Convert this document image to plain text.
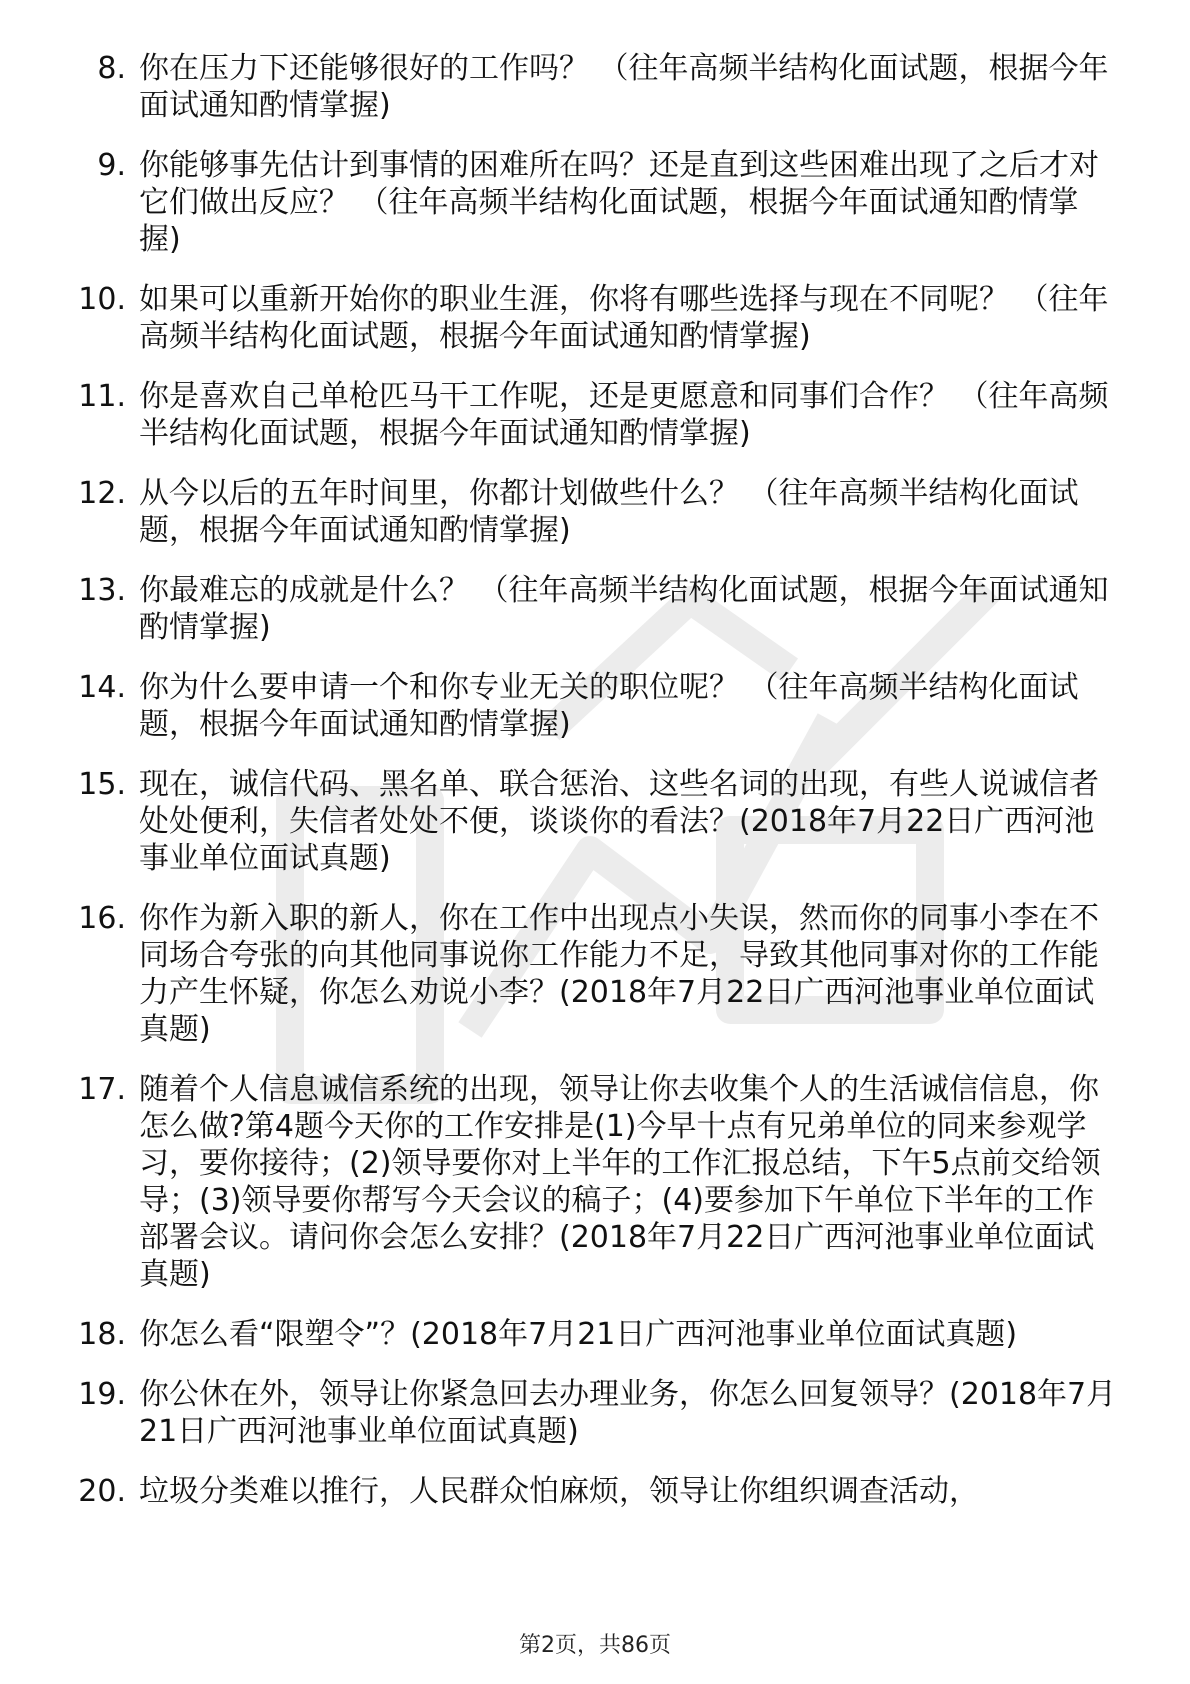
8. 你在压力下还能够很好的工作吗？ （往年高频半结构化面试题，根据今年面试通知酌情掌握)
9. 你能够事先估计到事情的困难所在吗？还是直到这些困难出现了之后才对它们做出反应？ （往年高频半结构化面试题，根据今年面试通知酌情掌握)
10. 如果可以重新开始你的职业生涯，你将有哪些选择与现在不同呢？ （往年高频半结构化面试题，根据今年面试通知酌情掌握)
11. 你是喜欢自己单枪匹马干工作呢，还是更愿意和同事们合作？ （往年高频半结构化面试题，根据今年面试通知酌情掌握)
12. 从今以后的五年时间里，你都计划做些什么？ （往年高频半结构化面试题，根据今年面试通知酌情掌握)
13. 你最难忘的成就是什么？ （往年高频半结构化面试题，根据今年面试通知酌情掌握)
14. 你为什么要申请一个和你专业无关的职位呢？ （往年高频半结构化面试题，根据今年面试通知酌情掌握)
15. 现在，诚信代码、黑名单、联合惩治、这些名词的出现，有些人说诚信者处处便利，失信者处处不便，谈谈你的看法？(2018年7月22日广西河池事业单位面试真题)
16. 你作为新入职的新人，你在工作中出现点小失误，然而你的同事小李在不同场合夸张的向其他同事说你工作能力不足，导致其他同事对你的工作能力产生怀疑，你怎么劝说小李？(2018年7月22日广西河池事业单位面试真题)
17. 随着个人信息诚信系统的出现，领导让你去收集个人的生活诚信信息，你怎么做?第4题今天你的工作安排是(1)今早十点有兄弟单位的同来参观学习，要你接待；(2)领导要你对上半年的工作汇报总结，下午5点前交给领导；(3)领导要你帮写今天会议的稿子；(4)要参加下午单位下半年的工作部署会议。请问你会怎么安排？(2018年7月22日广西河池事业单位面试真题)
18. 你怎么看“限塑令”？(2018年7月21日广西河池事业单位面试真题)
19. 你公休在外，领导让你紧急回去办理业务，你怎么回复领导？(2018年7月21日广西河池事业单位面试真题)
20. 垃圾分类难以推行，人民群众怕麻烦，领导让你组织调查活动，
第2页，共86页
